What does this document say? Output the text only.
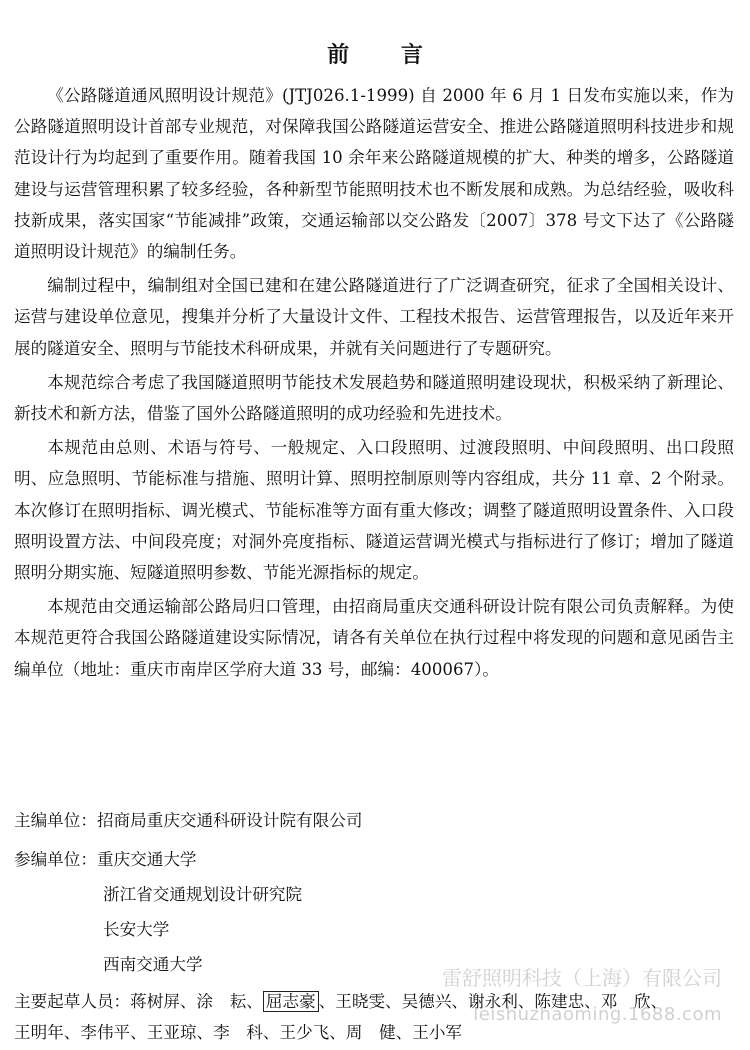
前 言

《公路隧道通风照明设计规范》(JTJ026.1-1999) 自 2000 年 6 月 1 日发布实施以来，作为公路隧道照明设计首部专业规范，对保障我国公路隧道运营安全、推进公路隧道照明科技进步和规范设计行为均起到了重要作用。随着我国 10 余年来公路隧道规模的扩大、种类的增多，公路隧道建设与运营管理积累了较多经验，各种新型节能照明技术也不断发展和成熟。为总结经验，吸收科技新成果，落实国家“节能减排”政策，交通运输部以交公路发〔2007〕378 号文下达了《公路隧道照明设计规范》的编制任务。

编制过程中，编制组对全国已建和在建公路隧道进行了广泛调查研究，征求了全国相关设计、运营与建设单位意见，搜集并分析了大量设计文件、工程技术报告、运营管理报告，以及近年来开展的隧道安全、照明与节能技术科研成果，并就有关问题进行了专题研究。

本规范综合考虑了我国隧道照明节能技术发展趋势和隧道照明建设现状，积极采纳了新理论、新技术和新方法，借鉴了国外公路隧道照明的成功经验和先进技术。

本规范由总则、术语与符号、一般规定、入口段照明、过渡段照明、中间段照明、出口段照明、应急照明、节能标准与措施、照明计算、照明控制原则等内容组成，共分 11 章、2 个附录。本次修订在照明指标、调光模式、节能标准等方面有重大修改；调整了隧道照明设置条件、入口段照明设置方法、中间段亮度；对洞外亮度指标、隧道运营调光模式与指标进行了修订；增加了隧道照明分期实施、短隧道照明参数、节能光源指标的规定。

本规范由交通运输部公路局归口管理，由招商局重庆交通科研设计院有限公司负责解释。为使本规范更符合我国公路隧道建设实际情况，请各有关单位在执行过程中将发现的问题和意见函告主编单位（地址：重庆市南岸区学府大道 33 号，邮编：400067）。

主编单位： 招商局重庆交通科研设计院有限公司
参编单位： 重庆交通大学
浙江省交通规划设计研究院
长安大学
西南交通大学
主要起草人员：蒋树屏、涂　耘、 屈志豪 、王晓雯、吴德兴、谢永利、陈建忠、邓　欣、
王明年、李伟平、王亚琼、李　科、王少飞、周　健、王小军
雷舒照明科技（上海）有限公司
leishuzhaoming.1688.com
